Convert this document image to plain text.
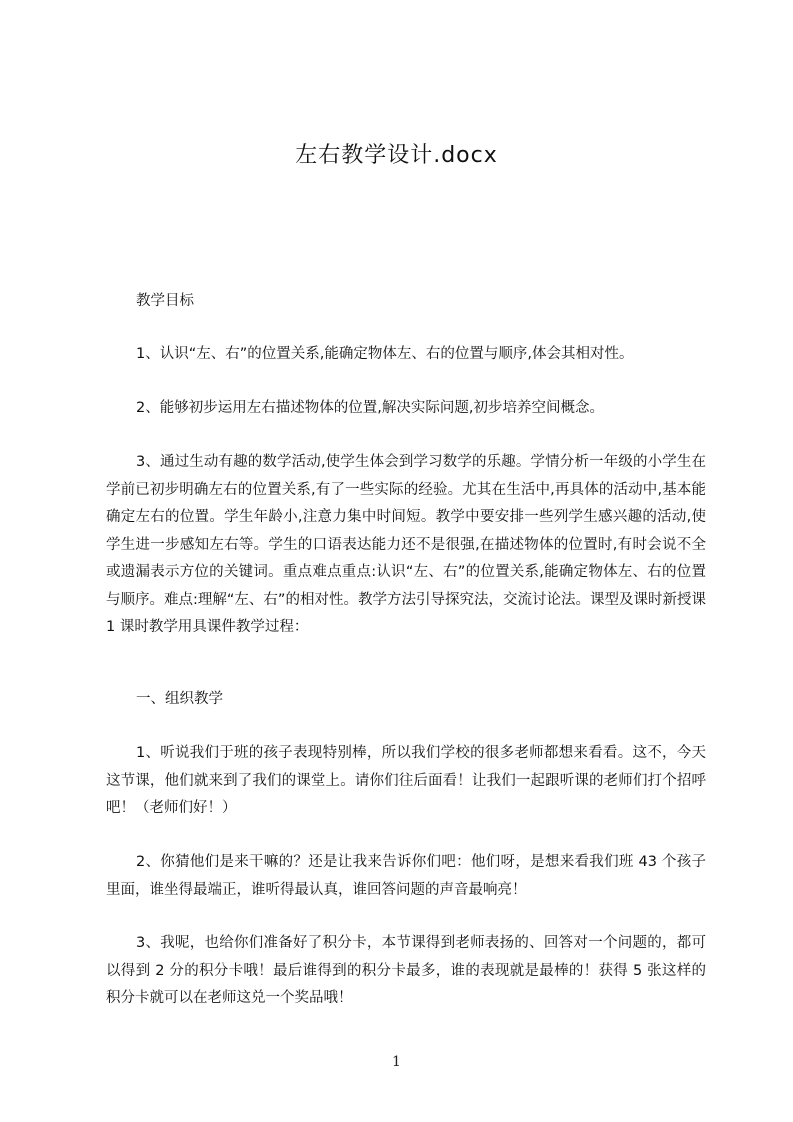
左右教学设计.docx

教学目标

1、认识“左、右”的位置关系,能确定物体左、右的位置与顺序,体会其相对性。

2、能够初步运用左右描述物体的位置,解决实际问题,初步培养空间概念。

3、通过生动有趣的数学活动,使学生体会到学习数学的乐趣。学情分析一年级的小学生在学前已初步明确左右的位置关系,有了一些实际的经验。尤其在生活中,再具体的活动中,基本能确定左右的位置。学生年龄小,注意力集中时间短。教学中要安排一些列学生感兴趣的活动,使学生进一步感知左右等。学生的口语表达能力还不是很强,在描述物体的位置时,有时会说不全或遗漏表示方位的关键词。重点难点重点:认识“左、右”的位置关系,能确定物体左、右的位置与顺序。难点:理解“左、右”的相对性。教学方法引导探究法，交流讨论法。课型及课时新授课 1 课时教学用具课件教学过程：

一、组织教学

1、听说我们于班的孩子表现特别棒，所以我们学校的很多老师都想来看看。这不，今天这节课，他们就来到了我们的课堂上。请你们往后面看！让我们一起跟听课的老师们打个招呼吧！（老师们好！）

2、你猜他们是来干嘛的？还是让我来告诉你们吧：他们呀，是想来看我们班 43 个孩子里面，谁坐得最端正，谁听得最认真，谁回答问题的声音最响亮！

3、我呢，也给你们准备好了积分卡，本节课得到老师表扬的、回答对一个问题的，都可以得到 2 分的积分卡哦！最后谁得到的积分卡最多，谁的表现就是最棒的！获得 5 张这样的积分卡就可以在老师这兑一个奖品哦！

1
